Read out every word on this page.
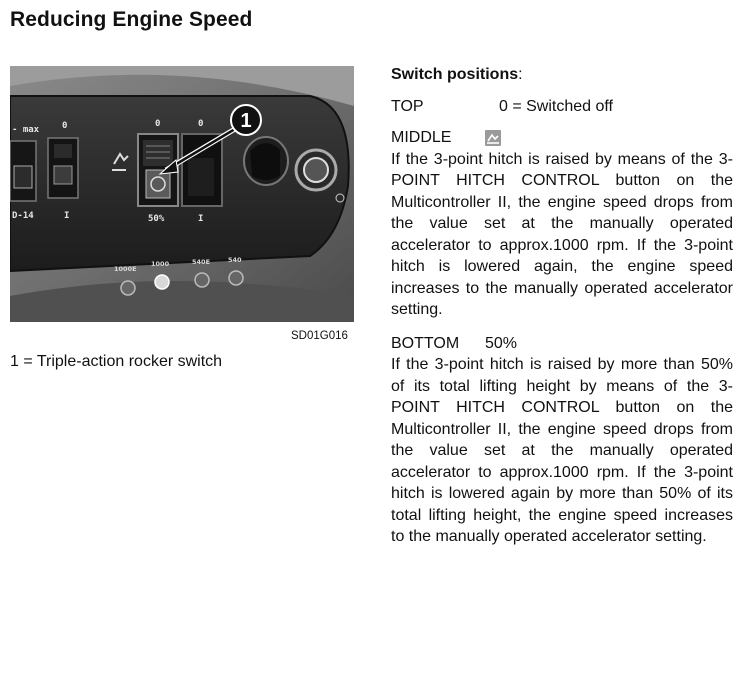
Reducing Engine Speed
- max	0	0	0
D-14	I	50%	I
1000E
1000	540E	540
1
SD01G016
1 = Triple-action rocker switch
Switch positions:
TOP	0 = Switched off
MIDDLE
If the 3-point hitch is raised by means of the 3-POINT HITCH CONTROL button on the Multicontroller II, the engine speed drops from the value set at the manually operated accelerator to approx.1000 rpm. If the 3-point hitch is lowered again, the engine speed increases to the manually operated accelerator setting.
BOTTOM	50%
If the 3-point hitch is raised by more than 50% of its total lifting height by means of the 3-POINT HITCH CONTROL button on the Multicontroller II, the engine speed drops from the value set at the manually operated accelerator to approx.1000 rpm. If the 3-point hitch is lowered again by more than 50% of its total lifting height, the engine speed increases to the manually operated accelerator setting.
